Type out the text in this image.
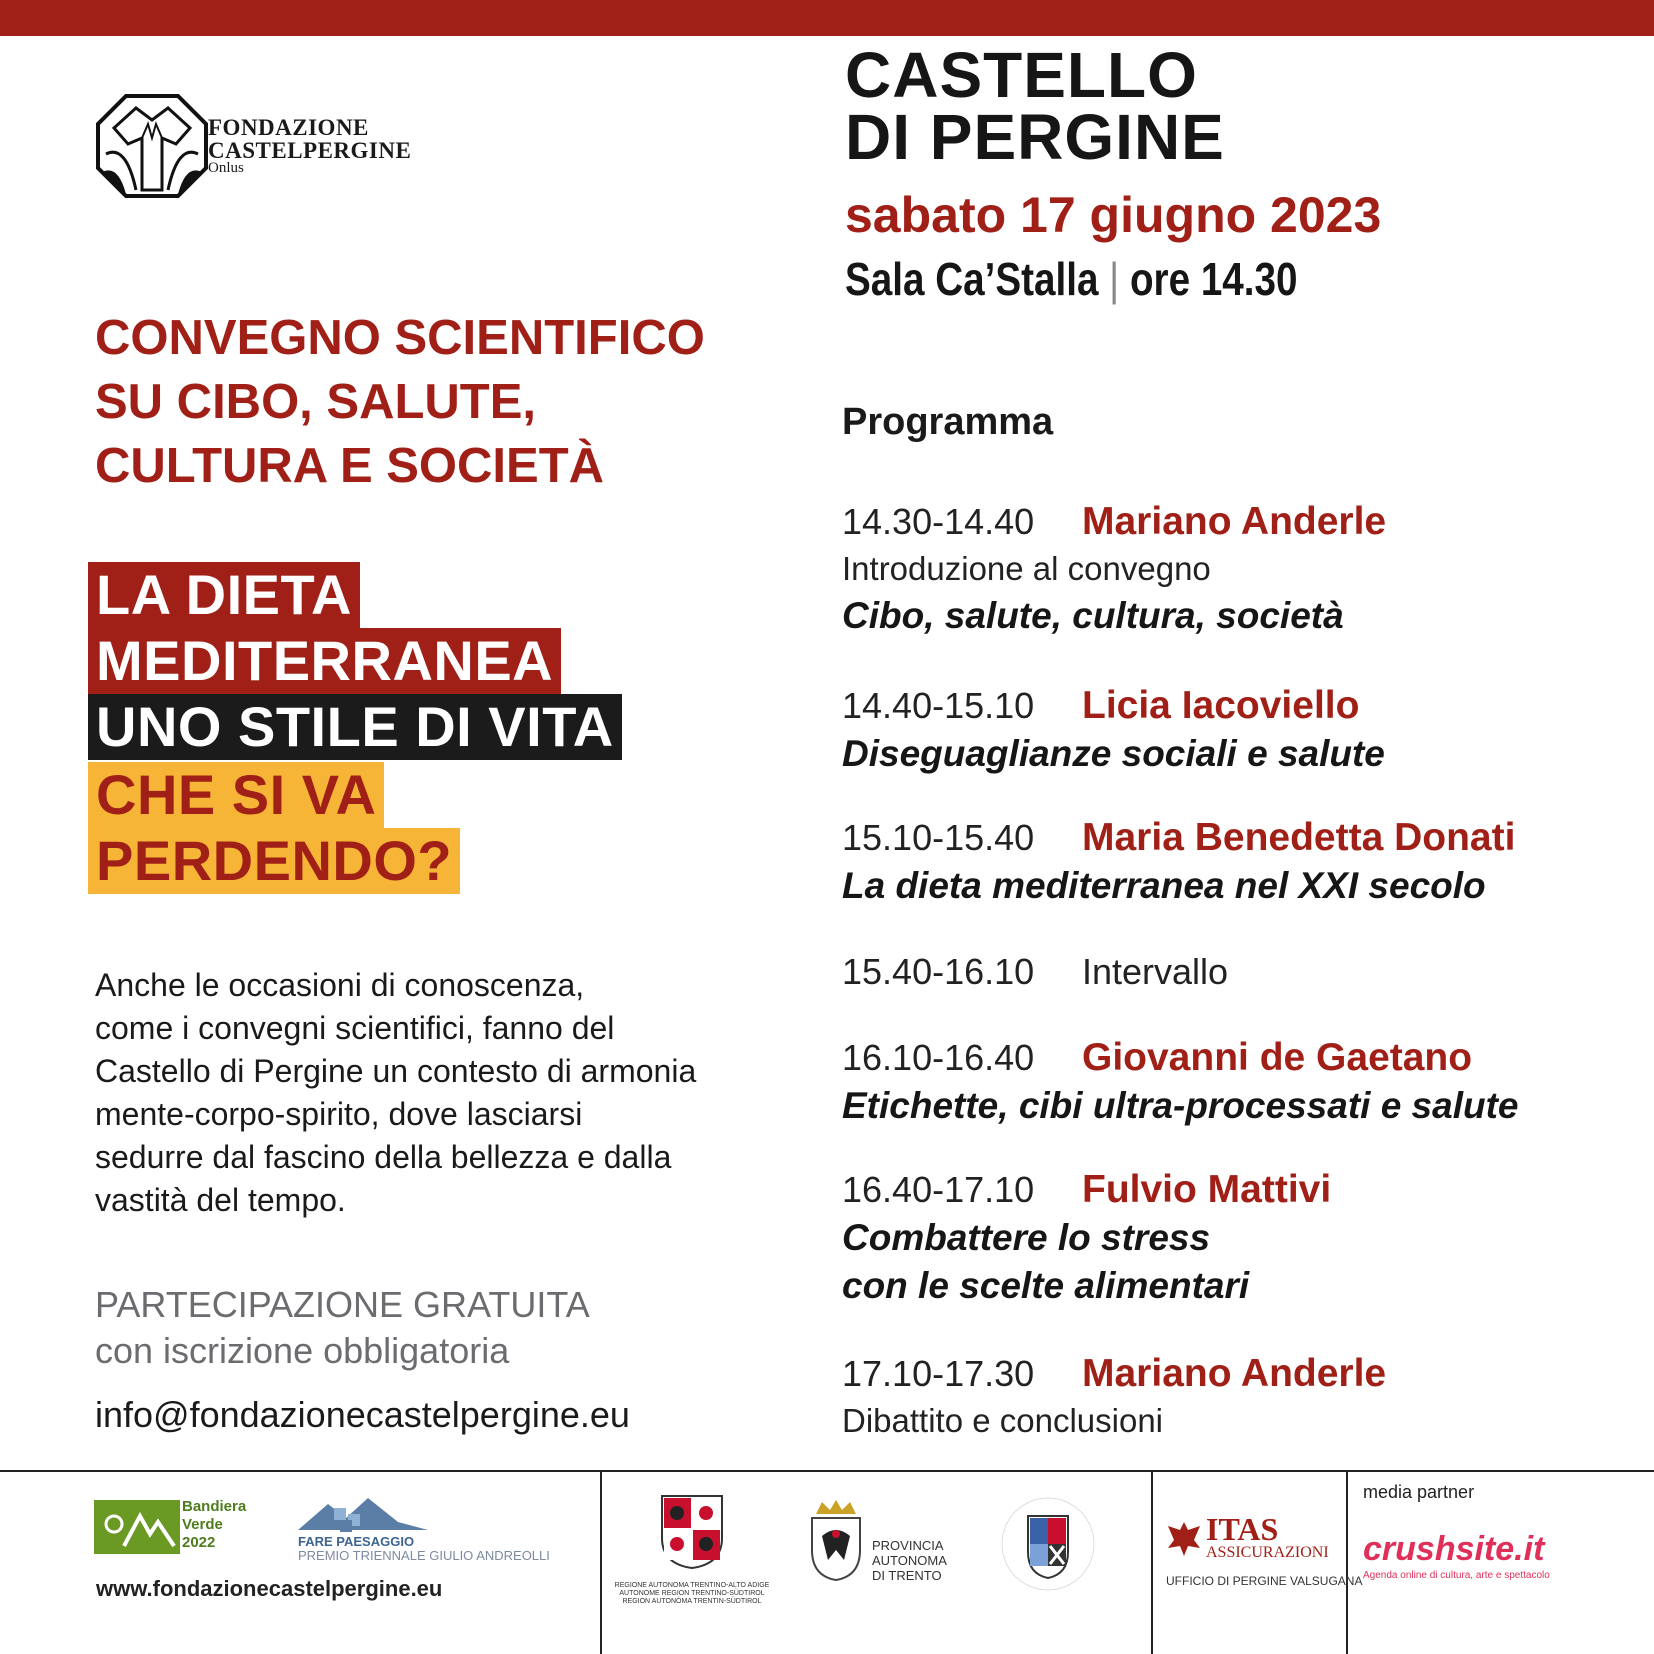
FONDAZIONE
CASTELPERGINE
Onlus
CASTELLO
DI PERGINE
sabato 17 giugno 2023
Sala Ca’Stalla | ore 14.30
CONVEGNO SCIENTIFICO
SU CIBO, SALUTE,
CULTURA E SOCIETÀ
LA DIETA
MEDITERRANEA
UNO STILE DI VITA
CHE SI VA
PERDENDO?
Anche le occasioni di conoscenza,
come i convegni scientifici, fanno del
Castello di Pergine un contesto di armonia
mente-corpo-spirito, dove lasciarsi
sedurre dal fascino della bellezza e dalla
vastità del tempo.
PARTECIPAZIONE GRATUITA
con iscrizione obbligatoria
info@fondazionecastelpergine.eu
Programma
14.30-14.40 Mariano Anderle
Introduzione al convegno
Cibo, salute, cultura, società
14.40-15.10 Licia Iacoviello
Diseguaglianze sociali e salute
15.10-15.40 Maria Benedetta Donati
La dieta mediterranea nel XXI secolo
15.40-16.10 Intervallo
16.10-16.40 Giovanni de Gaetano
Etichette, cibi ultra-processati e salute
16.40-17.10 Fulvio Mattivi
Combattere lo stress
con le scelte alimentari
17.10-17.30 Mariano Anderle
Dibattito e conclusioni
Bandiera
Verde
2022	FARE PAESAGGIO
PREMIO TRIENNALE GIULIO ANDREOLLI
www.fondazionecastelpergine.eu	REGIONE AUTONOMA TRENTINO-ALTO ADIGE
AUTONOME REGION TRENTINO-SÜDTIROL
REGION AUTONÓMA TRENTIN-SÜDTIROL
PROVINCIA
AUTONOMA
DI TRENTO
ITAS
ASSICURAZIONI
UFFICIO DI PERGINE VALSUGANA
media partner
crushsite.it
Agenda online di cultura, arte e spettacolo
